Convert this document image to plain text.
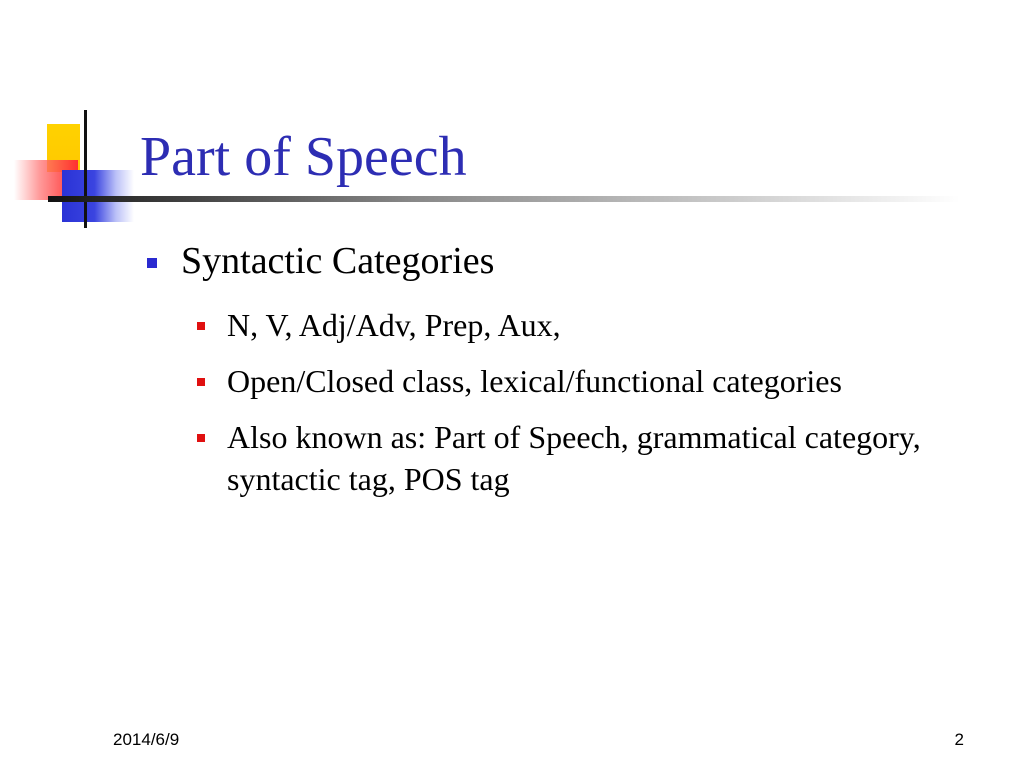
Part of Speech
Syntactic Categories
N, V, Adj/Adv, Prep, Aux,
Open/Closed class, lexical/functional categories
Also known as: Part of Speech, grammatical category, syntactic tag, POS tag
2014/6/9	2
